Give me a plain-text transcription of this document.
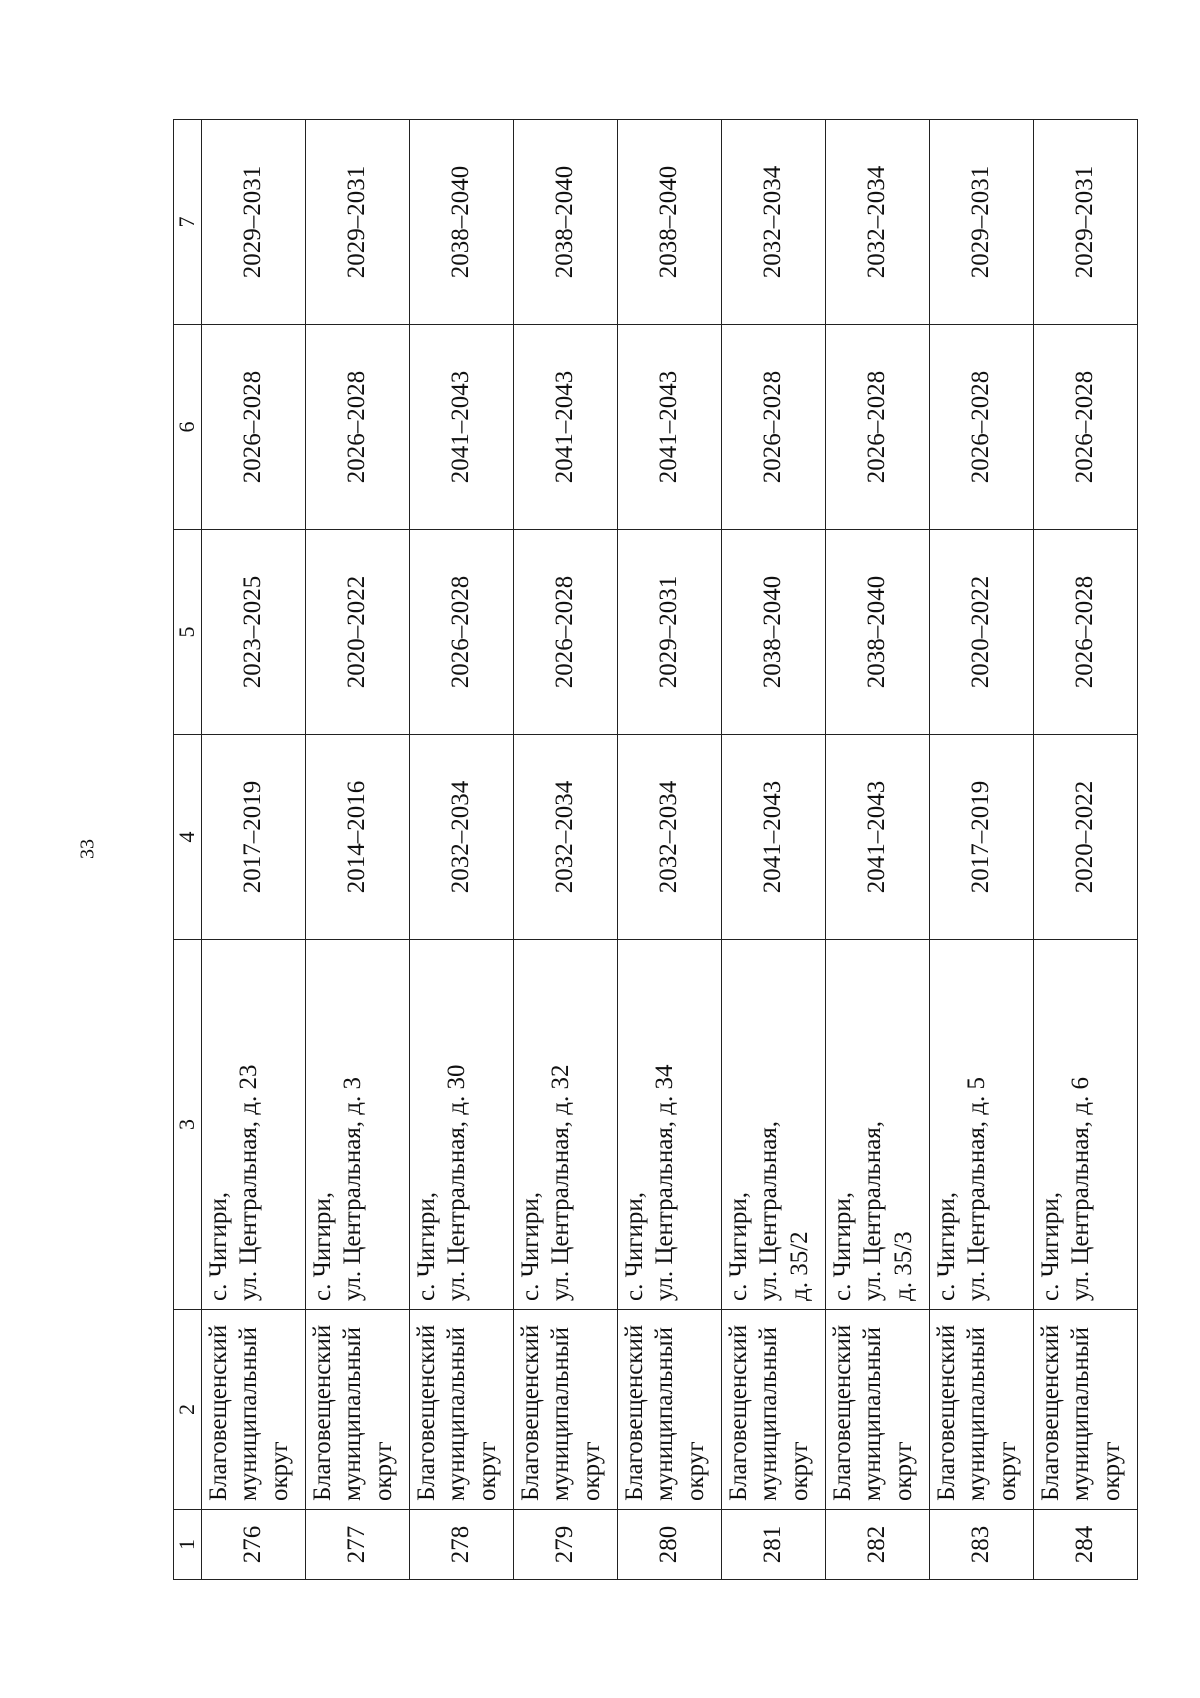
33
1	2	3	4	5	6	7
276	Благовещенский муниципальный округ	с. Чигири, ул. Центральная, д. 23	2017–2019	2023–2025	2026–2028	2029–2031
277	Благовещенский муниципальный округ	с. Чигири, ул. Центральная, д. 3	2014–2016	2020–2022	2026–2028	2029–2031
278	Благовещенский муниципальный округ	с. Чигири, ул. Центральная, д. 30	2032–2034	2026–2028	2041–2043	2038–2040
279	Благовещенский муниципальный округ	с. Чигири, ул. Центральная, д. 32	2032–2034	2026–2028	2041–2043	2038–2040
280	Благовещенский муниципальный округ	с. Чигири, ул. Центральная, д. 34	2032–2034	2029–2031	2041–2043	2038–2040
281	Благовещенский муниципальный округ	с. Чигири, ул. Центральная, д. 35/2	2041–2043	2038–2040	2026–2028	2032–2034
282	Благовещенский муниципальный округ	с. Чигири, ул. Центральная, д. 35/3	2041–2043	2038–2040	2026–2028	2032–2034
283	Благовещенский муниципальный округ	с. Чигири, ул. Центральная, д. 5	2017–2019	2020–2022	2026–2028	2029–2031
284	Благовещенский муниципальный округ	с. Чигири, ул. Центральная, д. 6	2020–2022	2026–2028	2026–2028	2029–2031
